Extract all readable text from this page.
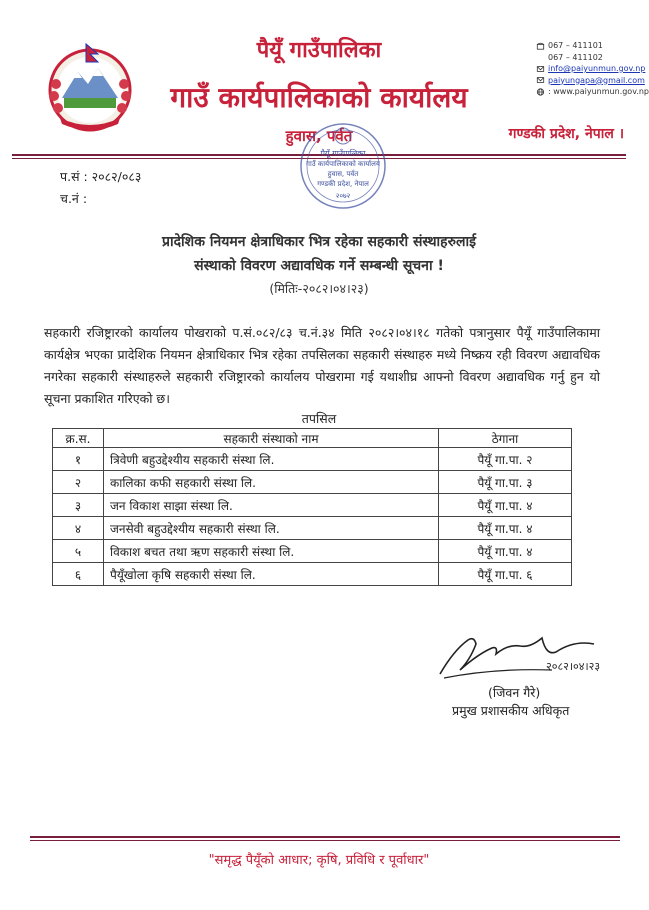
पैयूँ गाउँपालिका
गाउँ कार्यपालिकाको कार्यालय
हुवास, पर्वत	गण्डकी प्रदेश, नेपाल ।
067 – 411101
067 – 411102
info@paiyunmun.gov.np
paiyungapa@gmail.com
: www.paiyunmun.gov.np
पैयूँ गाउँपालिका
गाउँ कार्यपालिकाको कार्यालय
हुवास, पर्वत
गण्डकी प्रदेश, नेपाल
२०७२
प.सं : २०८२/०८३
च.नं :
प्रादेशिक नियमन क्षेत्राधिकार भित्र रहेका सहकारी संस्थाहरुलाई
संस्थाको विवरण अद्यावधिक गर्ने सम्बन्धी सूचना !
(मितिः-२०८२।०४।२३)
सहकारी रजिष्ट्रारको कार्यालय पोखराको प.सं.०८२/८३ च.नं.३४ मिति २०८२।०४।१८ गतेको पत्रानुसार पैयूँ गाउँपालिकामा कार्यक्षेत्र भएका प्रादेशिक नियमन क्षेत्राधिकार भित्र रहेका तपसिलका सहकारी संस्थाहरु मध्ये निष्क्रय रही विवरण अद्यावधिक नगरेका सहकारी संस्थाहरुले सहकारी रजिष्ट्रारको कार्यालय पोखरामा गई यथाशीघ्र आफ्नो विवरण अद्यावधिक गर्नु हुन यो सूचना प्रकाशित गरिएको छ।
तपसिल
क्र.स.	सहकारी संस्थाको नाम	ठेगाना
१	त्रिवेणी बहुउद्देश्यीय सहकारी संस्था लि.	पैयूँ गा.पा. २
२	कालिका कफी सहकारी संस्था लि.	पैयूँ गा.पा. ३
३	जन विकाश साझा संस्था लि.	पैयूँ गा.पा. ४
४	जनसेवी बहुउद्देश्यीय सहकारी संस्था लि.	पैयूँ गा.पा. ४
५	विकाश बचत तथा ऋण सहकारी संस्था लि.	पैयूँ गा.पा. ४
६	पैयूँखोला कृषि सहकारी संस्था लि.	पैयूँ गा.पा. ६
२०८२।०४।२३
(जिवन गैरे)
प्रमुख प्रशासकीय अधिकृत
"समृद्ध पैयूँको आधार; कृषि, प्रविधि र पूर्वाधार"
